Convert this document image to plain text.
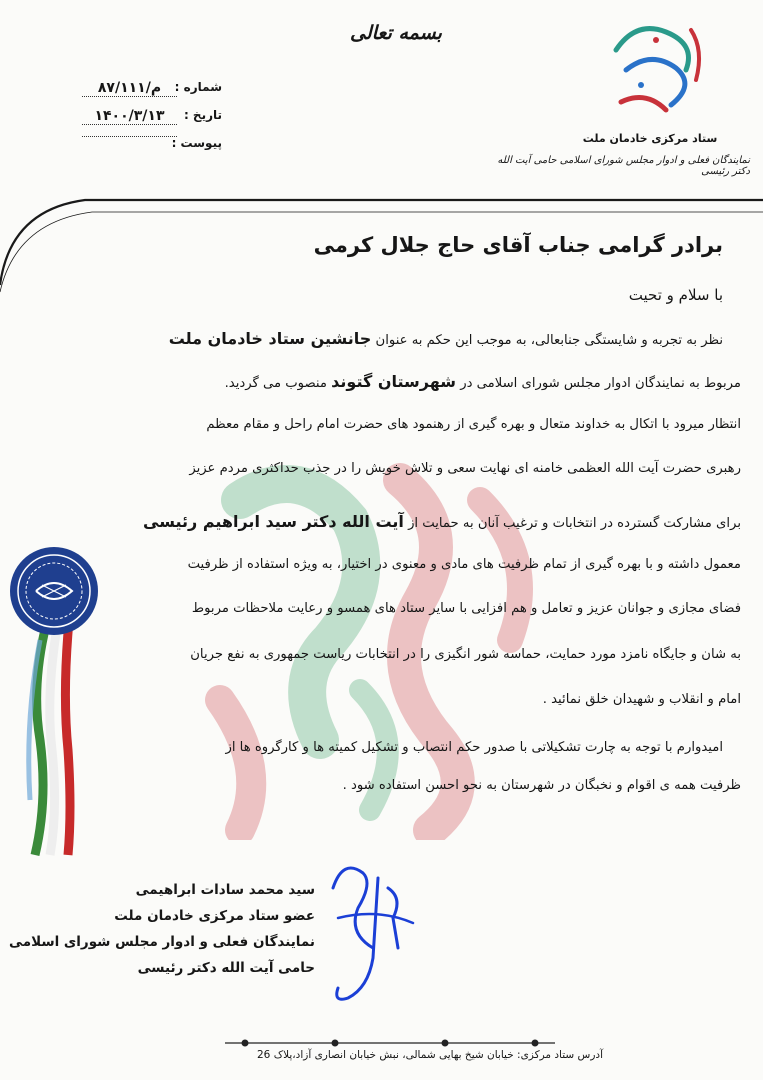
بسمه تعالی
ستاد مرکزی خادمان ملت
نمایندگان فعلی و ادوار مجلس شورای اسلامی حامی آیت الله دکتر رئیسی
شماره :
م/۸۷/۱۱۱
تاریخ :
۱۴۰۰/۳/۱۳
پیوست :
برادر گرامی جناب آقای حاج جلال کرمی
با سلام و تحیت
نظر به تجربه و شایستگی جنابعالی، به موجب این حکم به عنوان جانشین ستاد خادمان ملت
مربوط به نمایندگان ادوار مجلس شورای اسلامی در شهرستان گتوند منصوب می گردید.
انتظار میرود با اتکال به خداوند متعال و بهره گیری از رهنمود های حضرت امام راحل و مقام معظم
رهبری حضرت آیت الله العظمی خامنه ای نهایت سعی و تلاش خویش را در جذب حداکثری مردم عزیز
برای مشارکت گسترده در انتخابات و ترغیب آنان به حمایت از آیت الله دکتر سید ابراهیم رئیسی
معمول داشته و با بهره گیری از تمام ظرفیت های مادی و معنوی در اختیار، به ویژه استفاده از ظرفیت
فضای مجازی و جوانان عزیز و تعامل و هم افزایی با سایر ستاد های همسو و رعایت ملاحظات مربوط
به شان و جایگاه نامزد مورد حمایت، حماسه شور انگیزی را در انتخابات ریاست جمهوری به نفع جریان
امام و انقلاب و شهیدان خلق نمائید .
امیدوارم با توجه به چارت تشکیلاتی با صدور حکم انتصاب و تشکیل کمیته ها و کارگروه ها از
ظرفیت همه ی اقوام و نخبگان در شهرستان به نحو احسن استفاده شود .
سید محمد سادات ابراهیمی
عضو ستاد مرکزی خادمان ملت
نمایندگان فعلی و ادوار مجلس شورای اسلامی
حامی آیت الله دکتر رئیسی
آدرس ستاد مرکزی: خیابان شیخ بهایی شمالی، نبش خیابان انصاری آزاد،پلاک 26
